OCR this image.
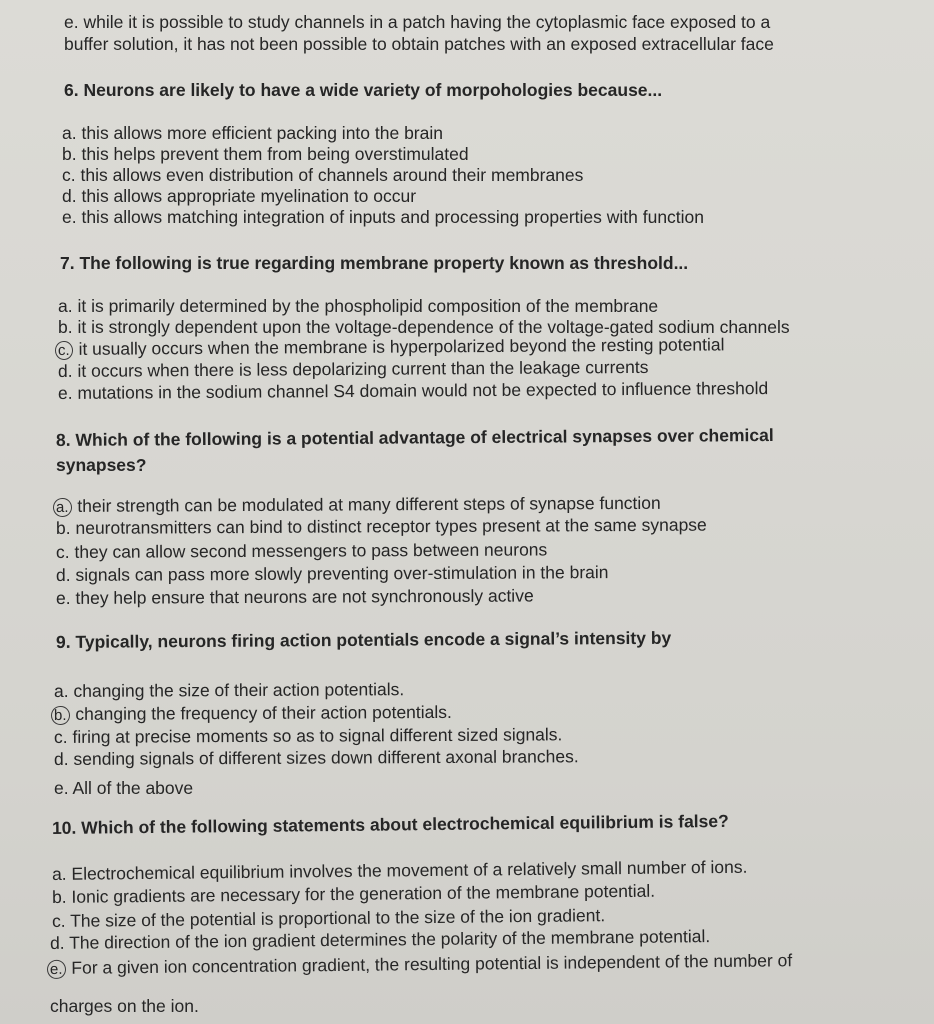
e. while it is possible to study channels in a patch having the cytoplasmic face exposed to a
buffer solution, it has not been possible to obtain patches with an exposed extracellular face
6. Neurons are likely to have a wide variety of morpohologies because...
a. this allows more efficient packing into the brain
b. this helps prevent them from being overstimulated
c. this allows even distribution of channels around their membranes
d. this allows appropriate myelination to occur
e. this allows matching integration of inputs and processing properties with function
7. The following is true regarding membrane property known as threshold...
a. it is primarily determined by the phospholipid composition of the membrane
b. it is strongly dependent upon the voltage-dependence of the voltage-gated sodium channels
c. it usually occurs when the membrane is hyperpolarized beyond the resting potential
d. it occurs when there is less depolarizing current than the leakage currents
e. mutations in the sodium channel S4 domain would not be expected to influence threshold
8. Which of the following is a potential advantage of electrical synapses over chemical
synapses?
a. their strength can be modulated at many different steps of synapse function
b. neurotransmitters can bind to distinct receptor types present at the same synapse
c. they can allow second messengers to pass between neurons
d. signals can pass more slowly preventing over-stimulation in the brain
e. they help ensure that neurons are not synchronously active
9. Typically, neurons firing action potentials encode a signal’s intensity by
a. changing the size of their action potentials.
b. changing the frequency of their action potentials.
c. firing at precise moments so as to signal different sized signals.
d. sending signals of different sizes down different axonal branches.
e. All of the above
10. Which of the following statements about electrochemical equilibrium is false?
a. Electrochemical equilibrium involves the movement of a relatively small number of ions.
b. Ionic gradients are necessary for the generation of the membrane potential.
c. The size of the potential is proportional to the size of the ion gradient.
d. The direction of the ion gradient determines the polarity of the membrane potential.
e. For a given ion concentration gradient, the resulting potential is independent of the number of
charges on the ion.
